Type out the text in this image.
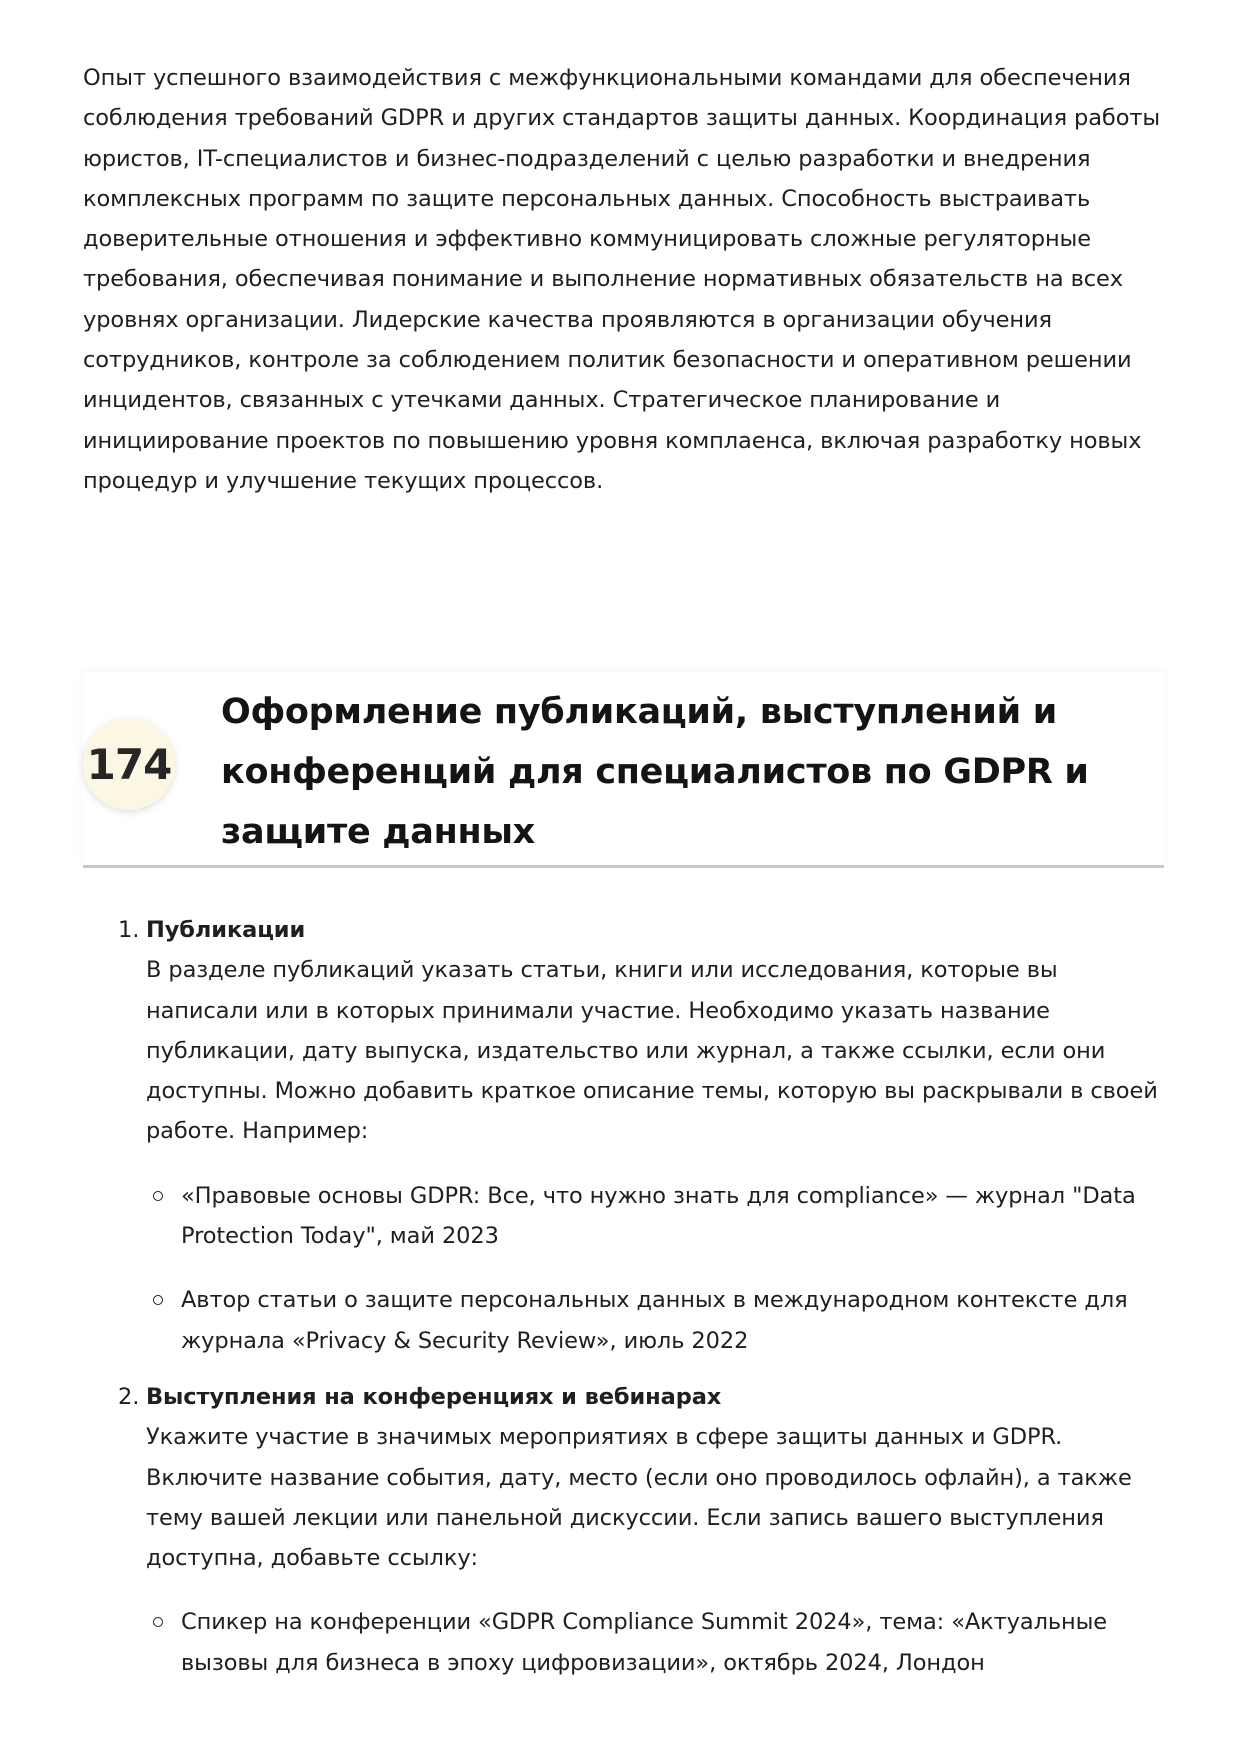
Опыт успешного взаимодействия с межфункциональными командами для обеспечения соблюдения требований GDPR и других стандартов защиты данных. Координация работы юристов, IT-специалистов и бизнес-подразделений с целью разработки и внедрения комплексных программ по защите персональных данных. Способность выстраивать доверительные отношения и эффективно коммуницировать сложные регуляторные требования, обеспечивая понимание и выполнение нормативных обязательств на всех уровнях организации. Лидерские качества проявляются в организации обучения сотрудников, контроле за соблюдением политик безопасности и оперативном решении инцидентов, связанных с утечками данных. Стратегическое планирование и инициирование проектов по повышению уровня комплаенса, включая разработку новых процедур и улучшение текущих процессов.

174
Оформление публикаций, выступлений и конференций для специалистов по GDPR и защите данных
1. Публикации
В разделе публикаций указать статьи, книги или исследования, которые вы написали или в которых принимали участие. Необходимо указать название публикации, дату выпуска, издательство или журнал, а также ссылки, если они доступны. Можно добавить краткое описание темы, которую вы раскрывали в своей работе. Например:
«Правовые основы GDPR: Все, что нужно знать для compliance» — журнал "Data Protection Today", май 2023
Автор статьи о защите персональных данных в международном контексте для журнала «Privacy & Security Review», июль 2022
2. Выступления на конференциях и вебинарах
Укажите участие в значимых мероприятиях в сфере защиты данных и GDPR. Включите название события, дату, место (если оно проводилось офлайн), а также тему вашей лекции или панельной дискуссии. Если запись вашего выступления доступна, добавьте ссылку:
Спикер на конференции «GDPR Compliance Summit 2024», тема: «Актуальные вызовы для бизнеса в эпоху цифровизации», октябрь 2024, Лондон
